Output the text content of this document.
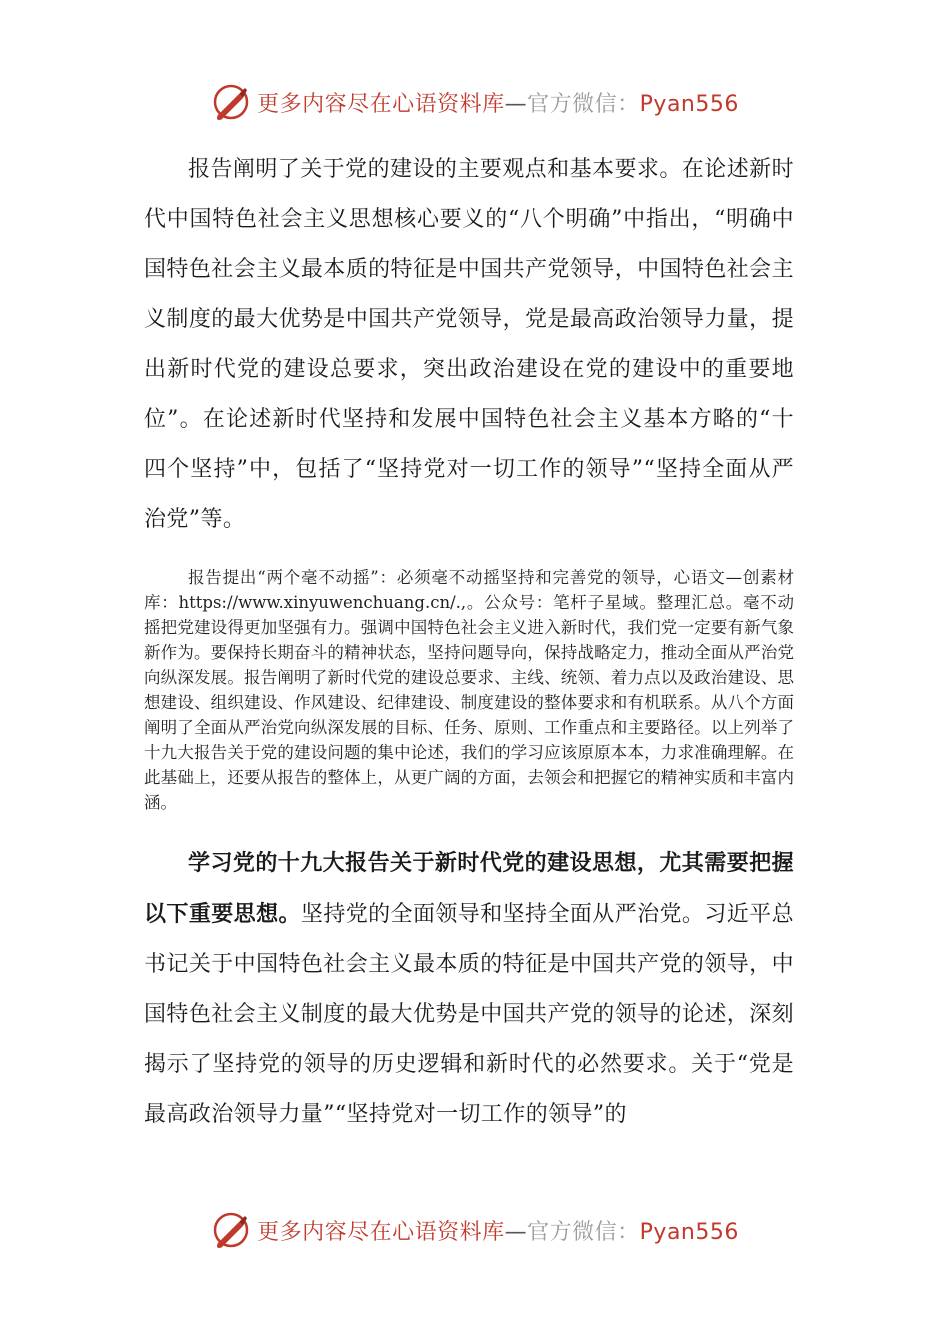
更多内容尽在心语资料库—官方微信：Pyan556

报告阐明了关于党的建设的主要观点和基本要求。在论述新时代中国特色社会主义思想核心要义的“八个明确”中指出，“明确中国特色社会主义最本质的特征是中国共产党领导，中国特色社会主义制度的最大优势是中国共产党领导，党是最高政治领导力量，提出新时代党的建设总要求，突出政治建设在党的建设中的重要地位”。在论述新时代坚持和发展中国特色社会主义基本方略的“十四个坚持”中，包括了“坚持党对一切工作的领导”“坚持全面从严治党”等。

报告提出“两个毫不动摇”：必须毫不动摇坚持和完善党的领导，心语文—创素材库：https://www.xinyuwenchuang.cn/.,。公众号：笔杆子星域。整理汇总。毫不动摇把党建设得更加坚强有力。强调中国特色社会主义进入新时代，我们党一定要有新气象新作为。要保持长期奋斗的精神状态，坚持问题导向，保持战略定力，推动全面从严治党向纵深发展。报告阐明了新时代党的建设总要求、主线、统领、着力点以及政治建设、思想建设、组织建设、作风建设、纪律建设、制度建设的整体要求和有机联系。从八个方面阐明了全面从严治党向纵深发展的目标、任务、原则、工作重点和主要路径。以上列举了十九大报告关于党的建设问题的集中论述，我们的学习应该原原本本，力求准确理解。在此基础上，还要从报告的整体上，从更广阔的方面，去领会和把握它的精神实质和丰富内涵。

学习党的十九大报告关于新时代党的建设思想，尤其需要把握以下重要思想。坚持党的全面领导和坚持全面从严治党。习近平总书记关于中国特色社会主义最本质的特征是中国共产党的领导，中国特色社会主义制度的最大优势是中国共产党的领导的论述，深刻揭示了坚持党的领导的历史逻辑和新时代的必然要求。关于“党是最高政治领导力量”“坚持党对一切工作的领导”的

更多内容尽在心语资料库—官方微信：Pyan556
